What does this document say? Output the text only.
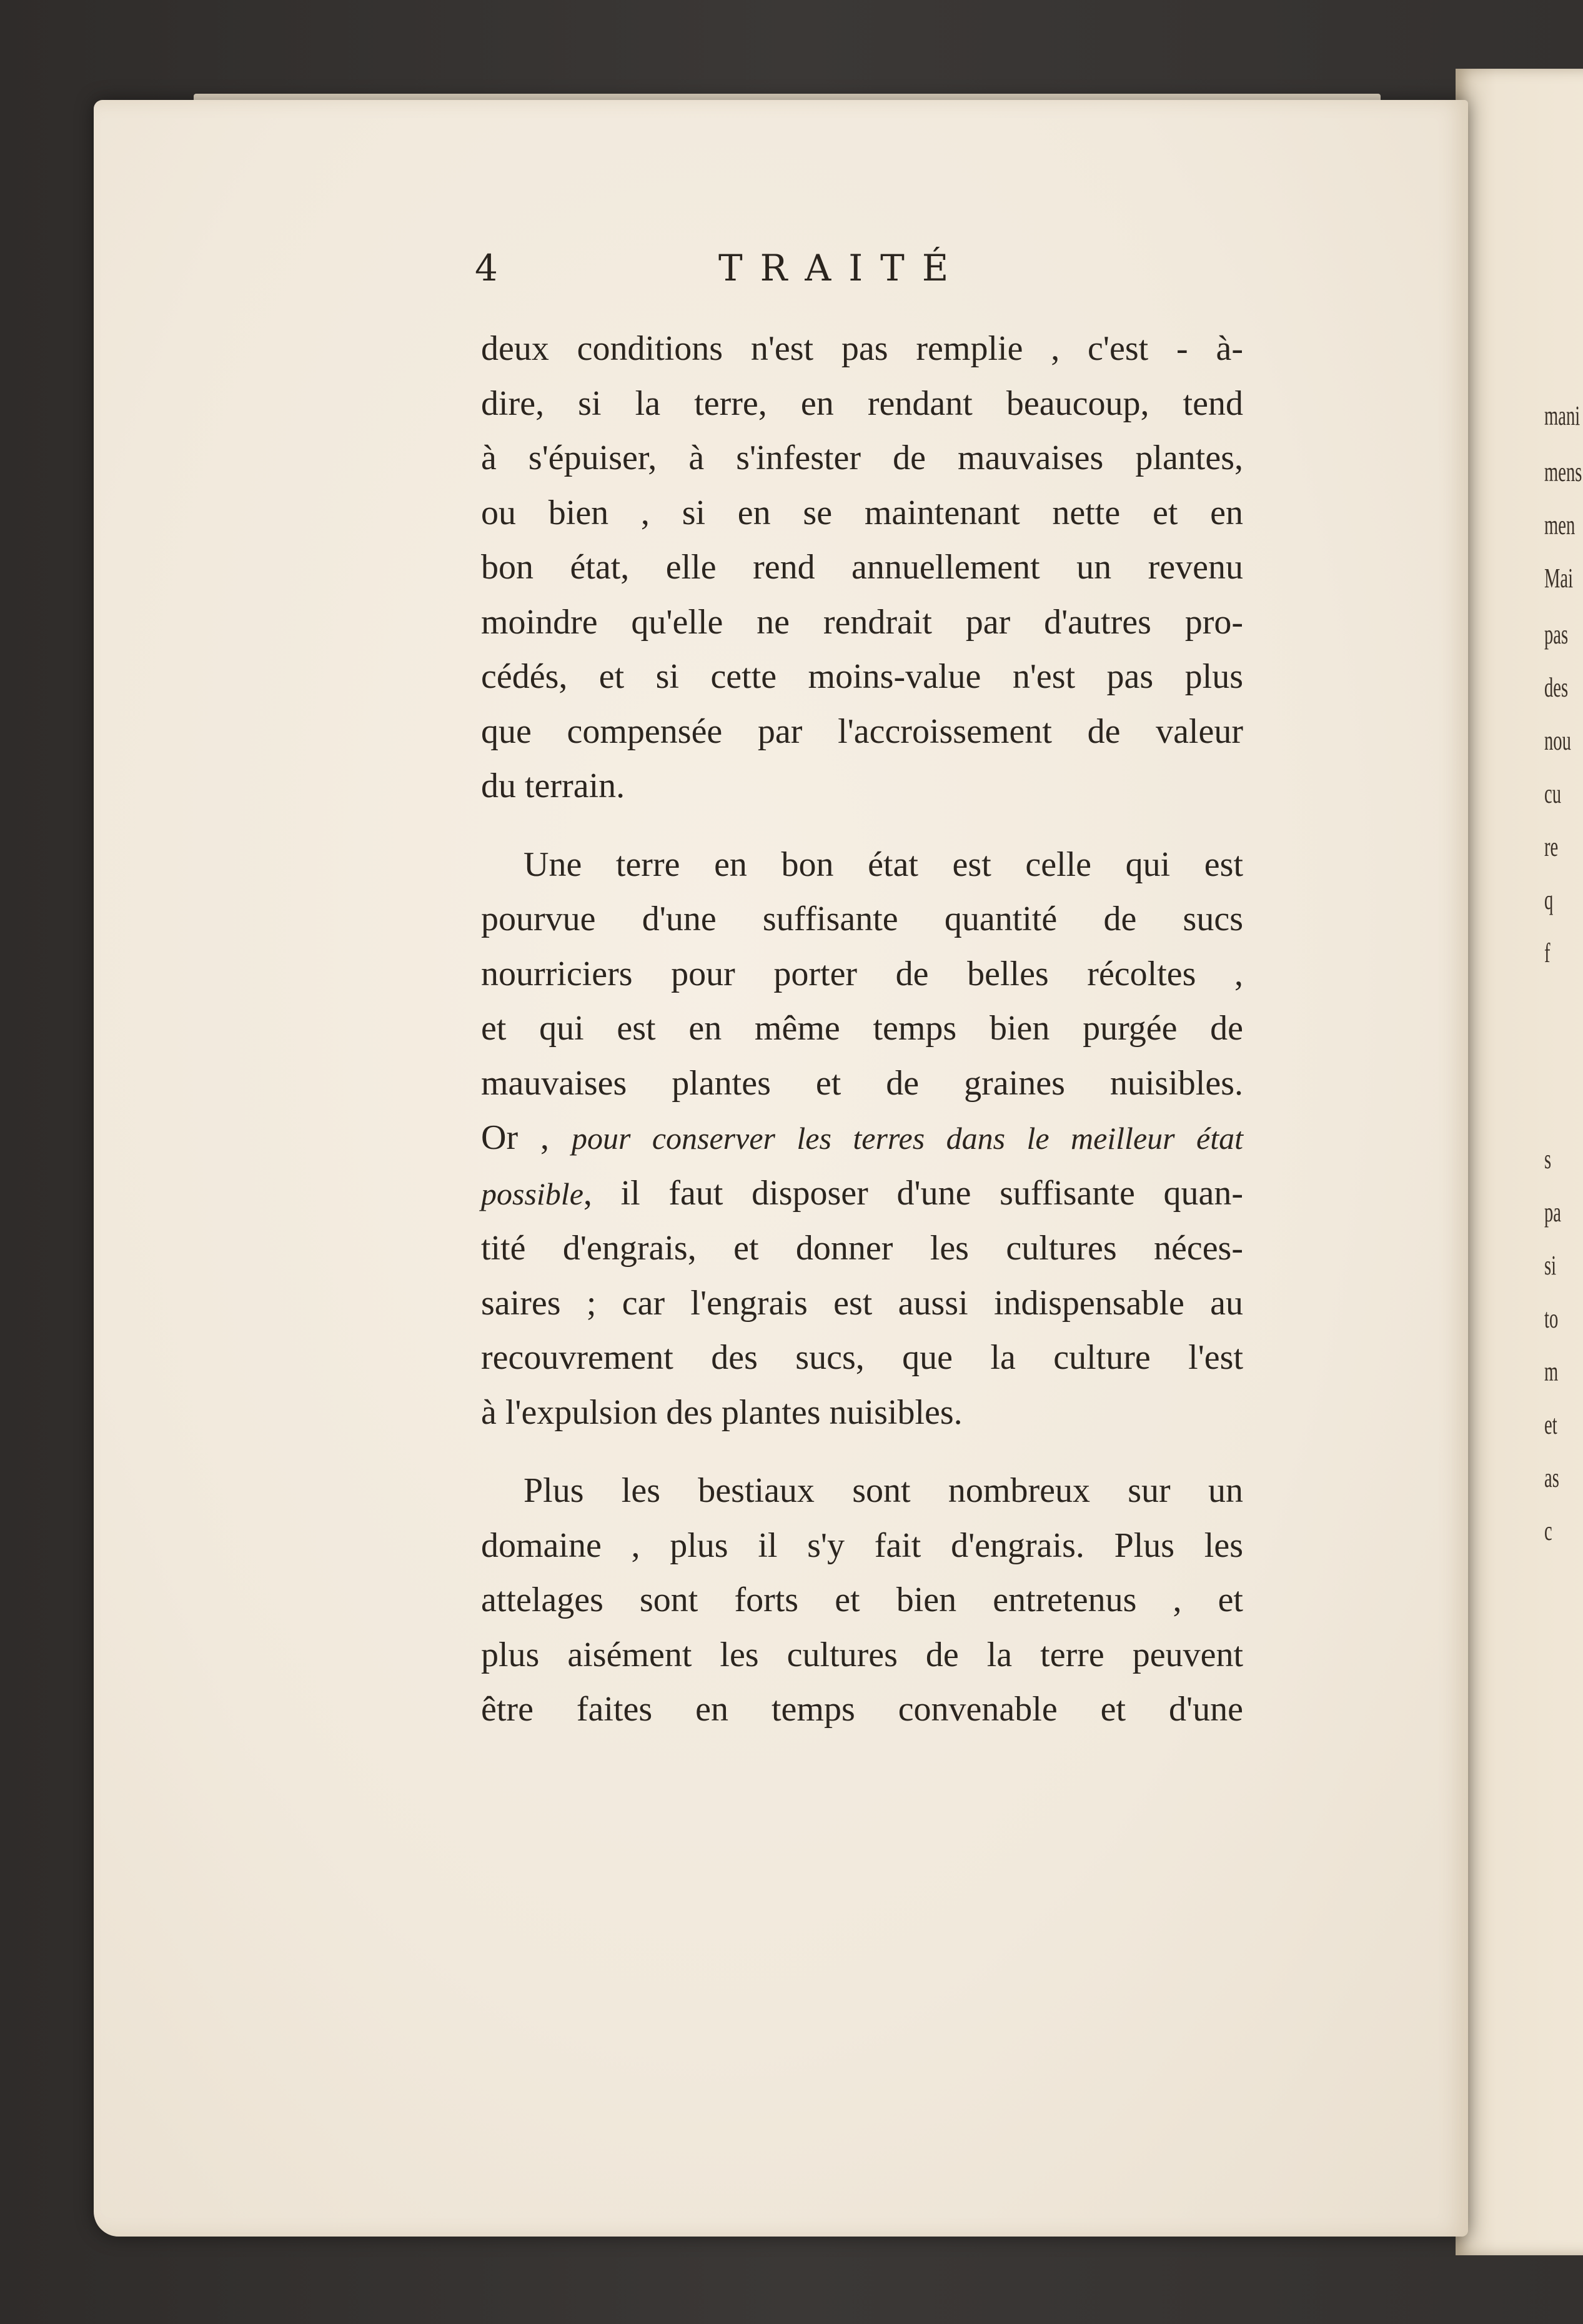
mani
mens
men
Mai
pas
des
nou
cu
re
q
f
s
pa
si
to
m
et
as
c
4	TRAITÉ

deux conditions n'est pas remplie , c'est - à-
dire, si la terre, en rendant beaucoup, tend
à s'épuiser, à s'infester de mauvaises plantes,
ou bien , si en se maintenant nette et en
bon état, elle rend annuellement un revenu
moindre qu'elle ne rendrait par d'autres pro-
cédés, et si cette moins-value n'est pas plus
que compensée par l'accroissement de valeur
du terrain.

Une terre en bon état est celle qui est
pourvue d'une suffisante quantité de sucs
nourriciers pour porter de belles récoltes ,
et qui est en même temps bien purgée de
mauvaises plantes et de graines nuisibles.
Or , pour conserver les terres dans le meilleur état
possible, il faut disposer d'une suffisante quan-
tité d'engrais, et donner les cultures néces-
saires ; car l'engrais est aussi indispensable au
recouvrement des sucs, que la culture l'est
à l'expulsion des plantes nuisibles.

Plus les bestiaux sont nombreux sur un
domaine , plus il s'y fait d'engrais. Plus les
attelages sont forts et bien entretenus , et
plus aisément les cultures de la terre peuvent
être faites en temps convenable et d'une
